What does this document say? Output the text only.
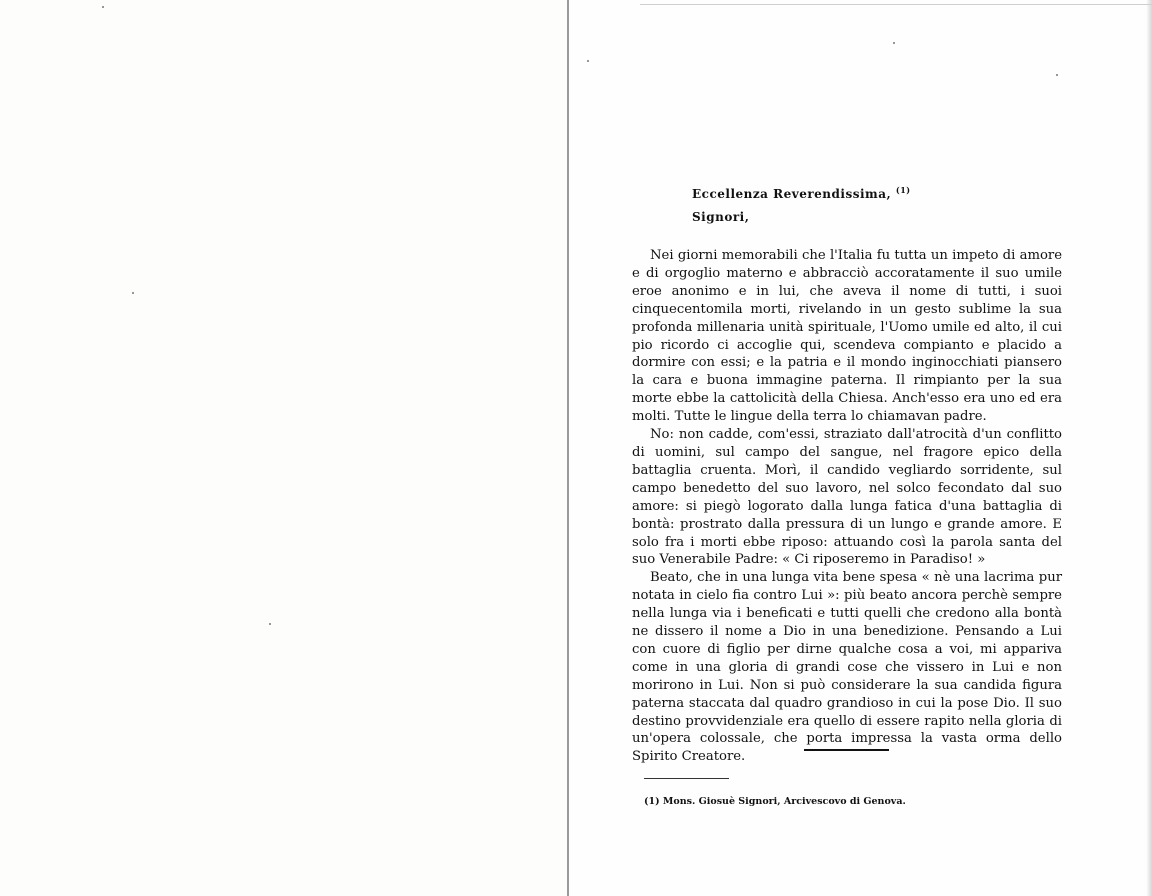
Eccellenza Reverendissima, $^{(1)}$
Signori,

Nei giorni memorabili che l'Italia fu tutta un impeto di amore e di orgoglio materno e abbracciò accoratamente il suo umile eroe anonimo e in lui, che aveva il nome di tutti, i suoi cinquecentomila morti, rivelando in un gesto sublime la sua profonda millenaria unità spirituale, l'Uomo umile ed alto, il cui pio ricordo ci accoglie qui, scendeva compianto e placido a dormire con essi; e la patria e il mondo inginocchiati piansero la cara e buona immagine paterna. Il rimpianto per la sua morte ebbe la cattolicità della Chiesa. Anch'esso era uno ed era molti. Tutte le lingue della terra lo chiamavan padre.

No: non cadde, com'essi, straziato dall'atrocità d'un conflitto di uomini, sul campo del sangue, nel fragore epico della battaglia cruenta. Morì, il candido vegliardo sorridente, sul campo benedetto del suo lavoro, nel solco fecondato dal suo amore: si piegò logorato dalla lunga fatica d'una battaglia di bontà: prostrato dalla pressura di un lungo e grande amore. E solo fra i morti ebbe riposo: attuando così la parola santa del suo Venerabile Padre: « Ci riposeremo in Paradiso! »

Beato, che in una lunga vita bene spesa « nè una lacrima pur notata in cielo fia contro Lui »: più beato ancora perchè sempre nella lunga via i beneficati e tutti quelli che credono alla bontà ne dissero il nome a Dio in una benedizione. Pensando a Lui con cuore di figlio per dirne qualche cosa a voi, mi appariva come in una gloria di grandi cose che vissero in Lui e non morirono in Lui. Non si può considerare la sua candida figura paterna staccata dal quadro grandioso in cui la pose Dio. Il suo destino provvidenziale era quello di essere rapito nella gloria di un'opera colossale, che porta impressa la vasta orma dello Spirito Creatore.

(1) Mons. Giosuè Signori, Arcivescovo di Genova.
